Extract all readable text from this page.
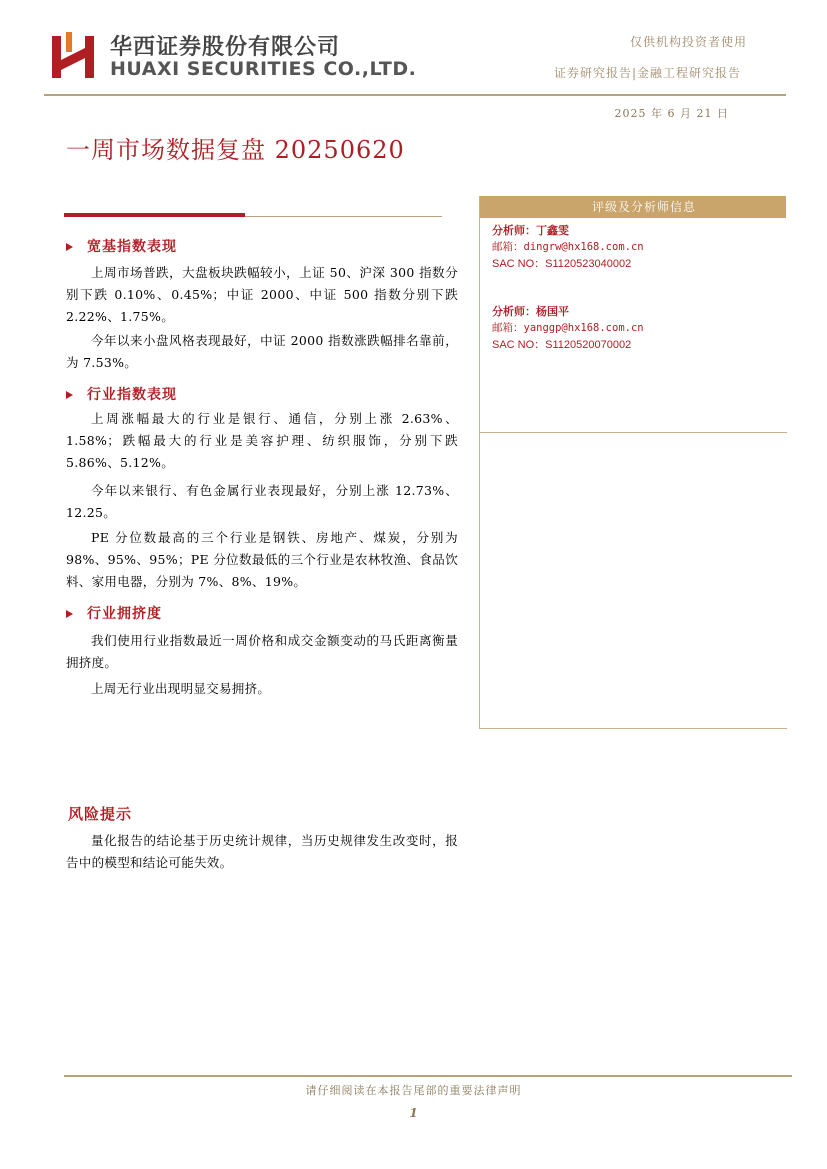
华西证券股份有限公司
HUAXI SECURITIES CO.,LTD.
仅供机构投资者使用
证券研究报告|金融工程研究报告
2025 年 6 月 21 日
一周市场数据复盘 20250620
宽基指数表现
上周市场普跌，大盘板块跌幅较小，上证 50、沪深 300 指数分别下跌 0.10%、0.45%；中证 2000、中证 500 指数分别下跌 2.22%、1.75%。
今年以来小盘风格表现最好，中证 2000 指数涨跌幅排名靠前，为 7.53%。
行业指数表现
上周涨幅最大的行业是银行、通信，分别上涨 2.63%、1.58%；跌幅最大的行业是美容护理、纺织服饰，分别下跌 5.86%、5.12%。
今年以来银行、有色金属行业表现最好，分别上涨 12.73%、12.25。
PE 分位数最高的三个行业是钢铁、房地产、煤炭，分别为 98%、95%、95%；PE 分位数最低的三个行业是农林牧渔、食品饮料、家用电器，分别为 7%、8%、19%。
行业拥挤度
我们使用行业指数最近一周价格和成交金额变动的马氏距离衡量拥挤度。
上周无行业出现明显交易拥挤。
风险提示
量化报告的结论基于历史统计规律，当历史规律发生改变时，报告中的模型和结论可能失效。
评级及分析师信息
分析师：丁鑫雯
邮箱：dingrw@hx168.com.cn
SAC NO：S1120523040002
分析师：杨国平
邮箱：yanggp@hx168.com.cn
SAC NO：S1120520070002
请仔细阅读在本报告尾部的重要法律声明
1
